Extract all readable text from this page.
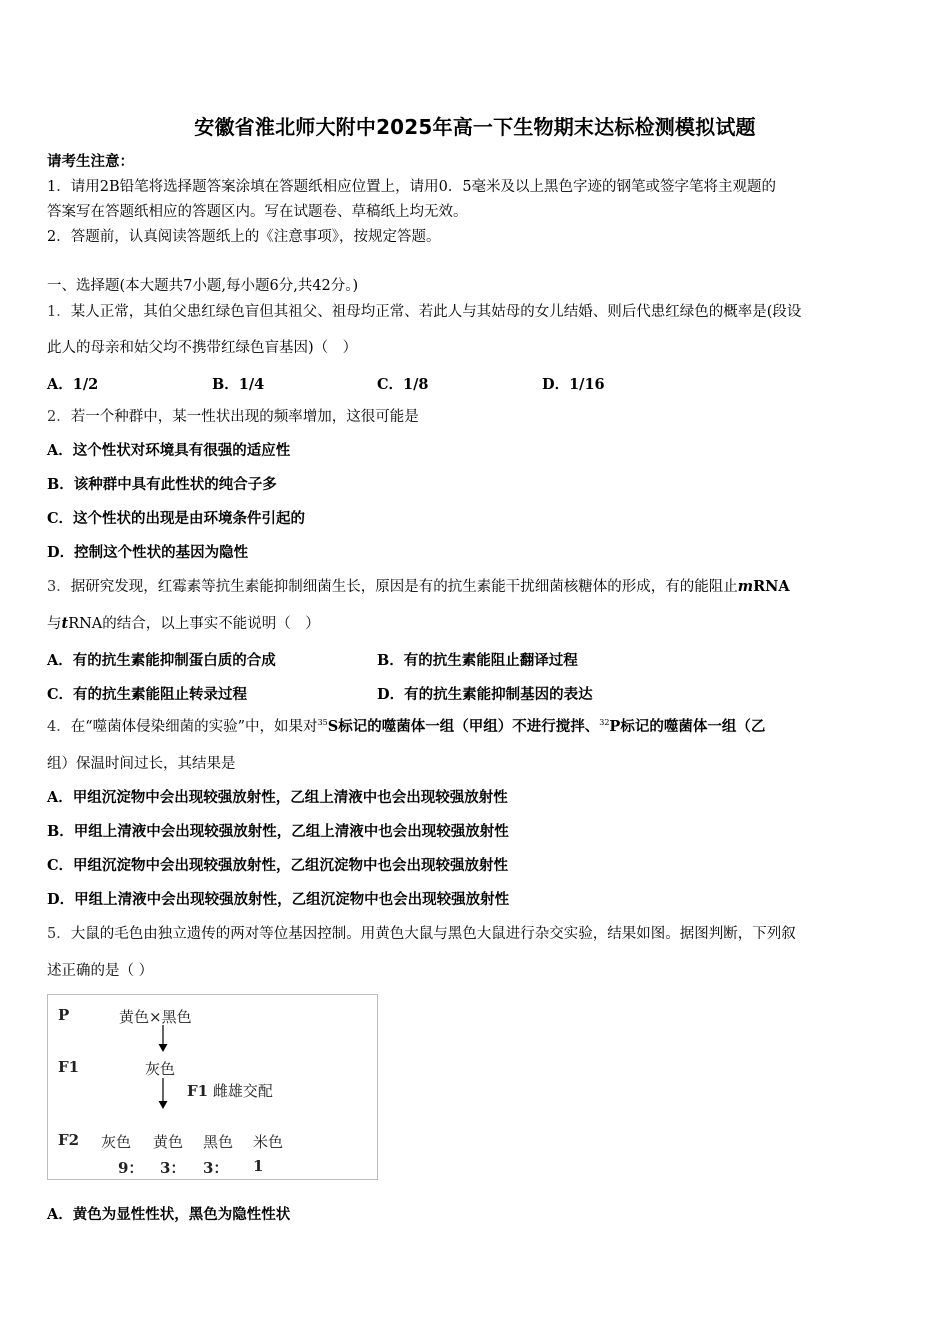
安徽省淮北师大附中2025年高一下生物期末达标检测模拟试题
请考生注意：
1．请用2B铅笔将选择题答案涂填在答题纸相应位置上，请用0．5毫米及以上黑色字迹的钢笔或签字笔将主观题的
答案写在答题纸相应的答题区内。写在试题卷、草稿纸上均无效。
2．答题前，认真阅读答题纸上的《注意事项》，按规定答题。
一、选择题(本大题共7小题,每小题6分,共42分。)
1．某人正常，其伯父患红绿色盲但其祖父、祖母均正常、若此人与其姑母的女儿结婚、则后代患红绿色的概率是(段设
此人的母亲和姑父均不携带红绿色盲基因)（　）
A．1/2	B．1/4	C．1/8	D．1/16
2．若一个种群中，某一性状出现的频率增加，这很可能是
A．这个性状对环境具有很强的适应性
B．该种群中具有此性状的纯合子多
C．这个性状的出现是由环境条件引起的
D．控制这个性状的基因为隐性
3．据研究发现，红霉素等抗生素能抑制细菌生长，原因是有的抗生素能干扰细菌核糖体的形成，有的能阻止mRNA
与tRNA的结合，以上事实不能说明（　）
A．有的抗生素能抑制蛋白质的合成	B．有的抗生素能阻止翻译过程
C．有的抗生素能阻止转录过程	D．有的抗生素能抑制基因的表达
4．在“噬菌体侵染细菌的实验”中，如果对$^{35}$S标记的噬菌体一组（甲组）不进行搅拌、$^{32}$P标记的噬菌体一组（乙
组）保温时间过长，其结果是
A．甲组沉淀物中会出现较强放射性，乙组上清液中也会出现较强放射性
B．甲组上清液中会出现较强放射性，乙组上清液中也会出现较强放射性
C．甲组沉淀物中会出现较强放射性，乙组沉淀物中也会出现较强放射性
D．甲组上清液中会出现较强放射性，乙组沉淀物中也会出现较强放射性
5．大鼠的毛色由独立遗传的两对等位基因控制。用黄色大鼠与黑色大鼠进行杂交实验，结果如图。据图判断，下列叙
述正确的是（ ）
P	黄色×黑色
F1	灰色
F1 雌雄交配
F2 灰色 黄色 黑色 米色
9： 3： 3： 1
A．黄色为显性性状，黑色为隐性性状
